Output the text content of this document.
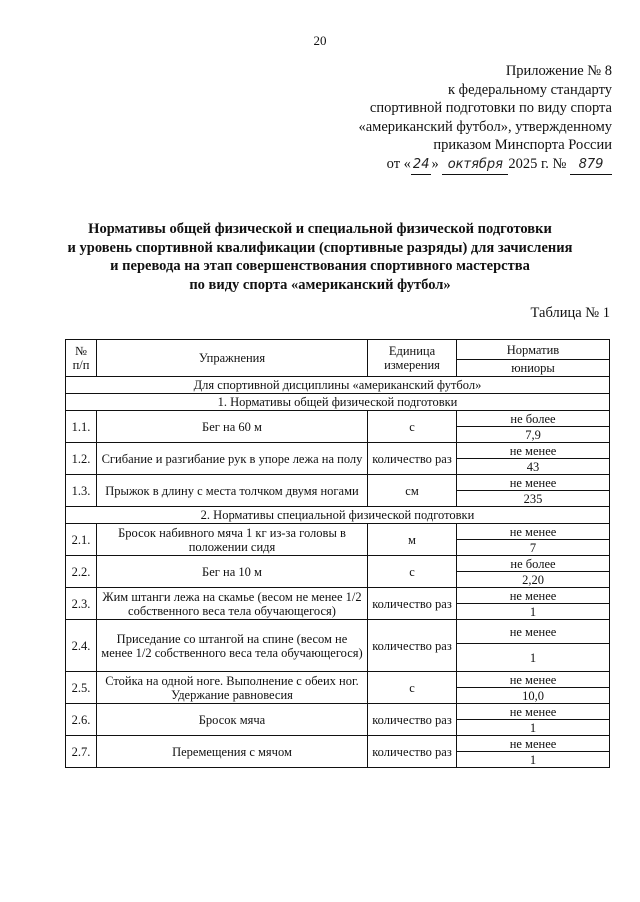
20
Приложение № 8
к федеральному стандарту
спортивной подготовки по виду спорта
«американский футбол», утвержденному
приказом Минспорта России
от « 24 » октября 2025 г. № 879
Нормативы общей физической и специальной физической подготовки
и уровень спортивной квалификации (спортивные разряды) для зачисления
и перевода на этап совершенствования спортивного мастерства
по виду спорта «американский футбол»
Таблица № 1
№ п/п	Упражнения	Единица измерения	Норматив
			юниоры
Для спортивной дисциплины «американский футбол»			
1. Нормативы общей физической подготовки			
1.1.	Бег на 60 м	с	не более
			7,9
1.2.	Сгибание и разгибание рук в упоре лежа на полу	количество раз	не менее
			43
1.3.	Прыжок в длину с места толчком двумя ногами	см	не менее
			235
2. Нормативы специальной физической подготовки			
2.1.	Бросок набивного мяча 1 кг из-за головы в положении сидя	м	не менее
			7
2.2.	Бег на 10 м	с	не более
			2,20
2.3.	Жим штанги лежа на скамье (весом не менее 1/2 собственного веса тела обучающегося)	количество раз	не менее
			1
2.4.	Приседание со штангой на спине (весом не менее 1/2 собственного веса тела обучающегося)	количество раз	не менее
			1
2.5.	Стойка на одной ноге. Выполнение с обеих ног. Удержание равновесия	с	не менее
			10,0
2.6.	Бросок мяча	количество раз	не менее
			1
2.7.	Перемещения с мячом	количество раз	не менее
			1
